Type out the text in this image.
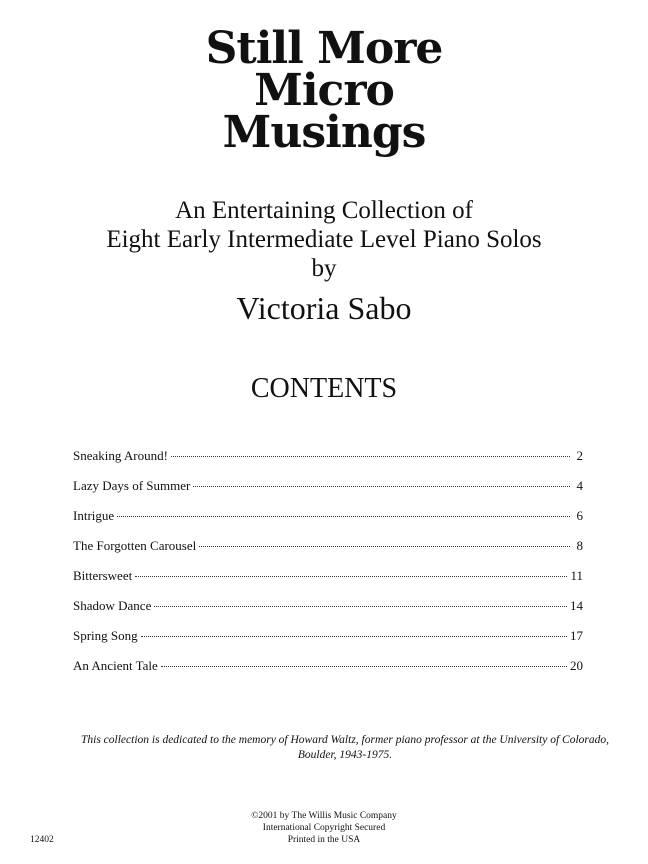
Still More
Micro
Musings
An Entertaining Collection of
Eight Early Intermediate Level Piano Solos
by
Victoria Sabo
CONTENTS
Sneaking Around!	2
Lazy Days of Summer	4
Intrigue	6
The Forgotten Carousel	8
Bittersweet	11
Shadow Dance	14
Spring Song	17
An Ancient Tale	20
This collection is dedicated to the memory of Howard Waltz, former piano professor at the University of Colorado, Boulder, 1943-1975.
©2001 by The Willis Music Company
International Copyright Secured
Printed in the USA
12402
